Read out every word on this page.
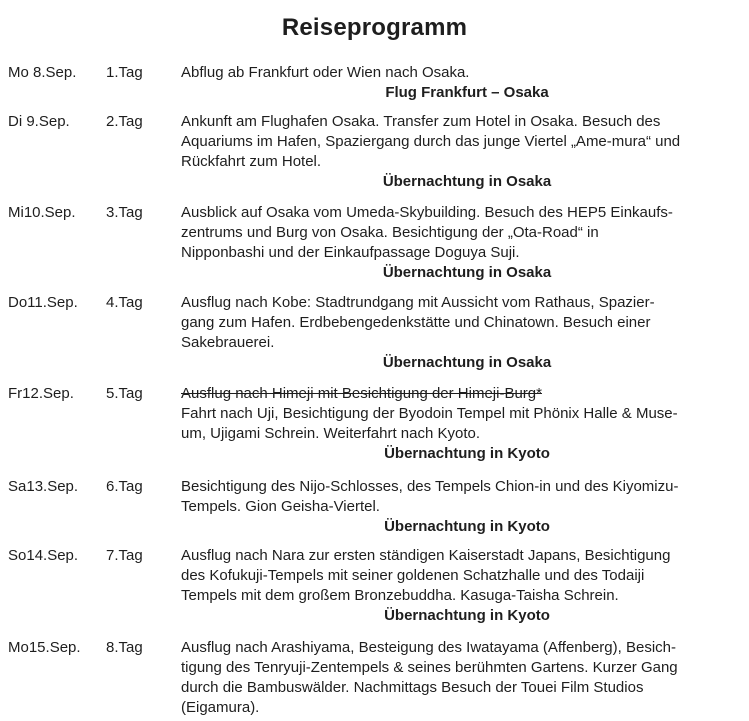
Reiseprogramm
Mo 8.Sep. 1.Tag	Abflug ab Frankfurt oder Wien nach Osaka.
Flug Frankfurt – Osaka
Di 9.Sep. 2.Tag	Ankunft am Flughafen Osaka. Transfer zum Hotel in Osaka. Besuch des
Aquariums im Hafen, Spaziergang durch das junge Viertel „Ame-mura“ und
Rückfahrt zum Hotel.
Übernachtung in Osaka
Mi10.Sep. 3.Tag	Ausblick auf Osaka vom Umeda-Skybuilding. Besuch des HEP5 Einkaufs-
zentrums und Burg von Osaka. Besichtigung der „Ota-Road“ in
Nipponbashi und der Einkaufpassage Doguya Suji.
Übernachtung in Osaka
Do11.Sep. 4.Tag	Ausflug nach Kobe: Stadtrundgang mit Aussicht vom Rathaus, Spazier-
gang zum Hafen. Erdbebengedenkstätte und Chinatown. Besuch einer
Sakebrauerei.
Übernachtung in Osaka
Fr12.Sep. 5.Tag	Ausflug nach Himeji mit Besichtigung der Himeji-Burg*
Fahrt nach Uji, Besichtigung der Byodoin Tempel mit Phönix Halle & Muse-
um, Ujigami Schrein. Weiterfahrt nach Kyoto.
Übernachtung in Kyoto
Sa13.Sep. 6.Tag	Besichtigung des Nijo-Schlosses, des Tempels Chion-in und des Kiyomizu-
Tempels. Gion Geisha-Viertel.
Übernachtung in Kyoto
So14.Sep. 7.Tag	Ausflug nach Nara zur ersten ständigen Kaiserstadt Japans, Besichtigung
des Kofukuji-Tempels mit seiner goldenen Schatzhalle und des Todaiji
Tempels mit dem großem Bronzebuddha. Kasuga-Taisha Schrein.
Übernachtung in Kyoto
Mo15.Sep. 8.Tag	Ausflug nach Arashiyama, Besteigung des Iwatayama (Affenberg), Besich-
tigung des Tenryuji-Zentempels & seines berühmten Gartens. Kurzer Gang
durch die Bambuswälder. Nachmittags Besuch der Touei Film Studios
(Eigamura).
